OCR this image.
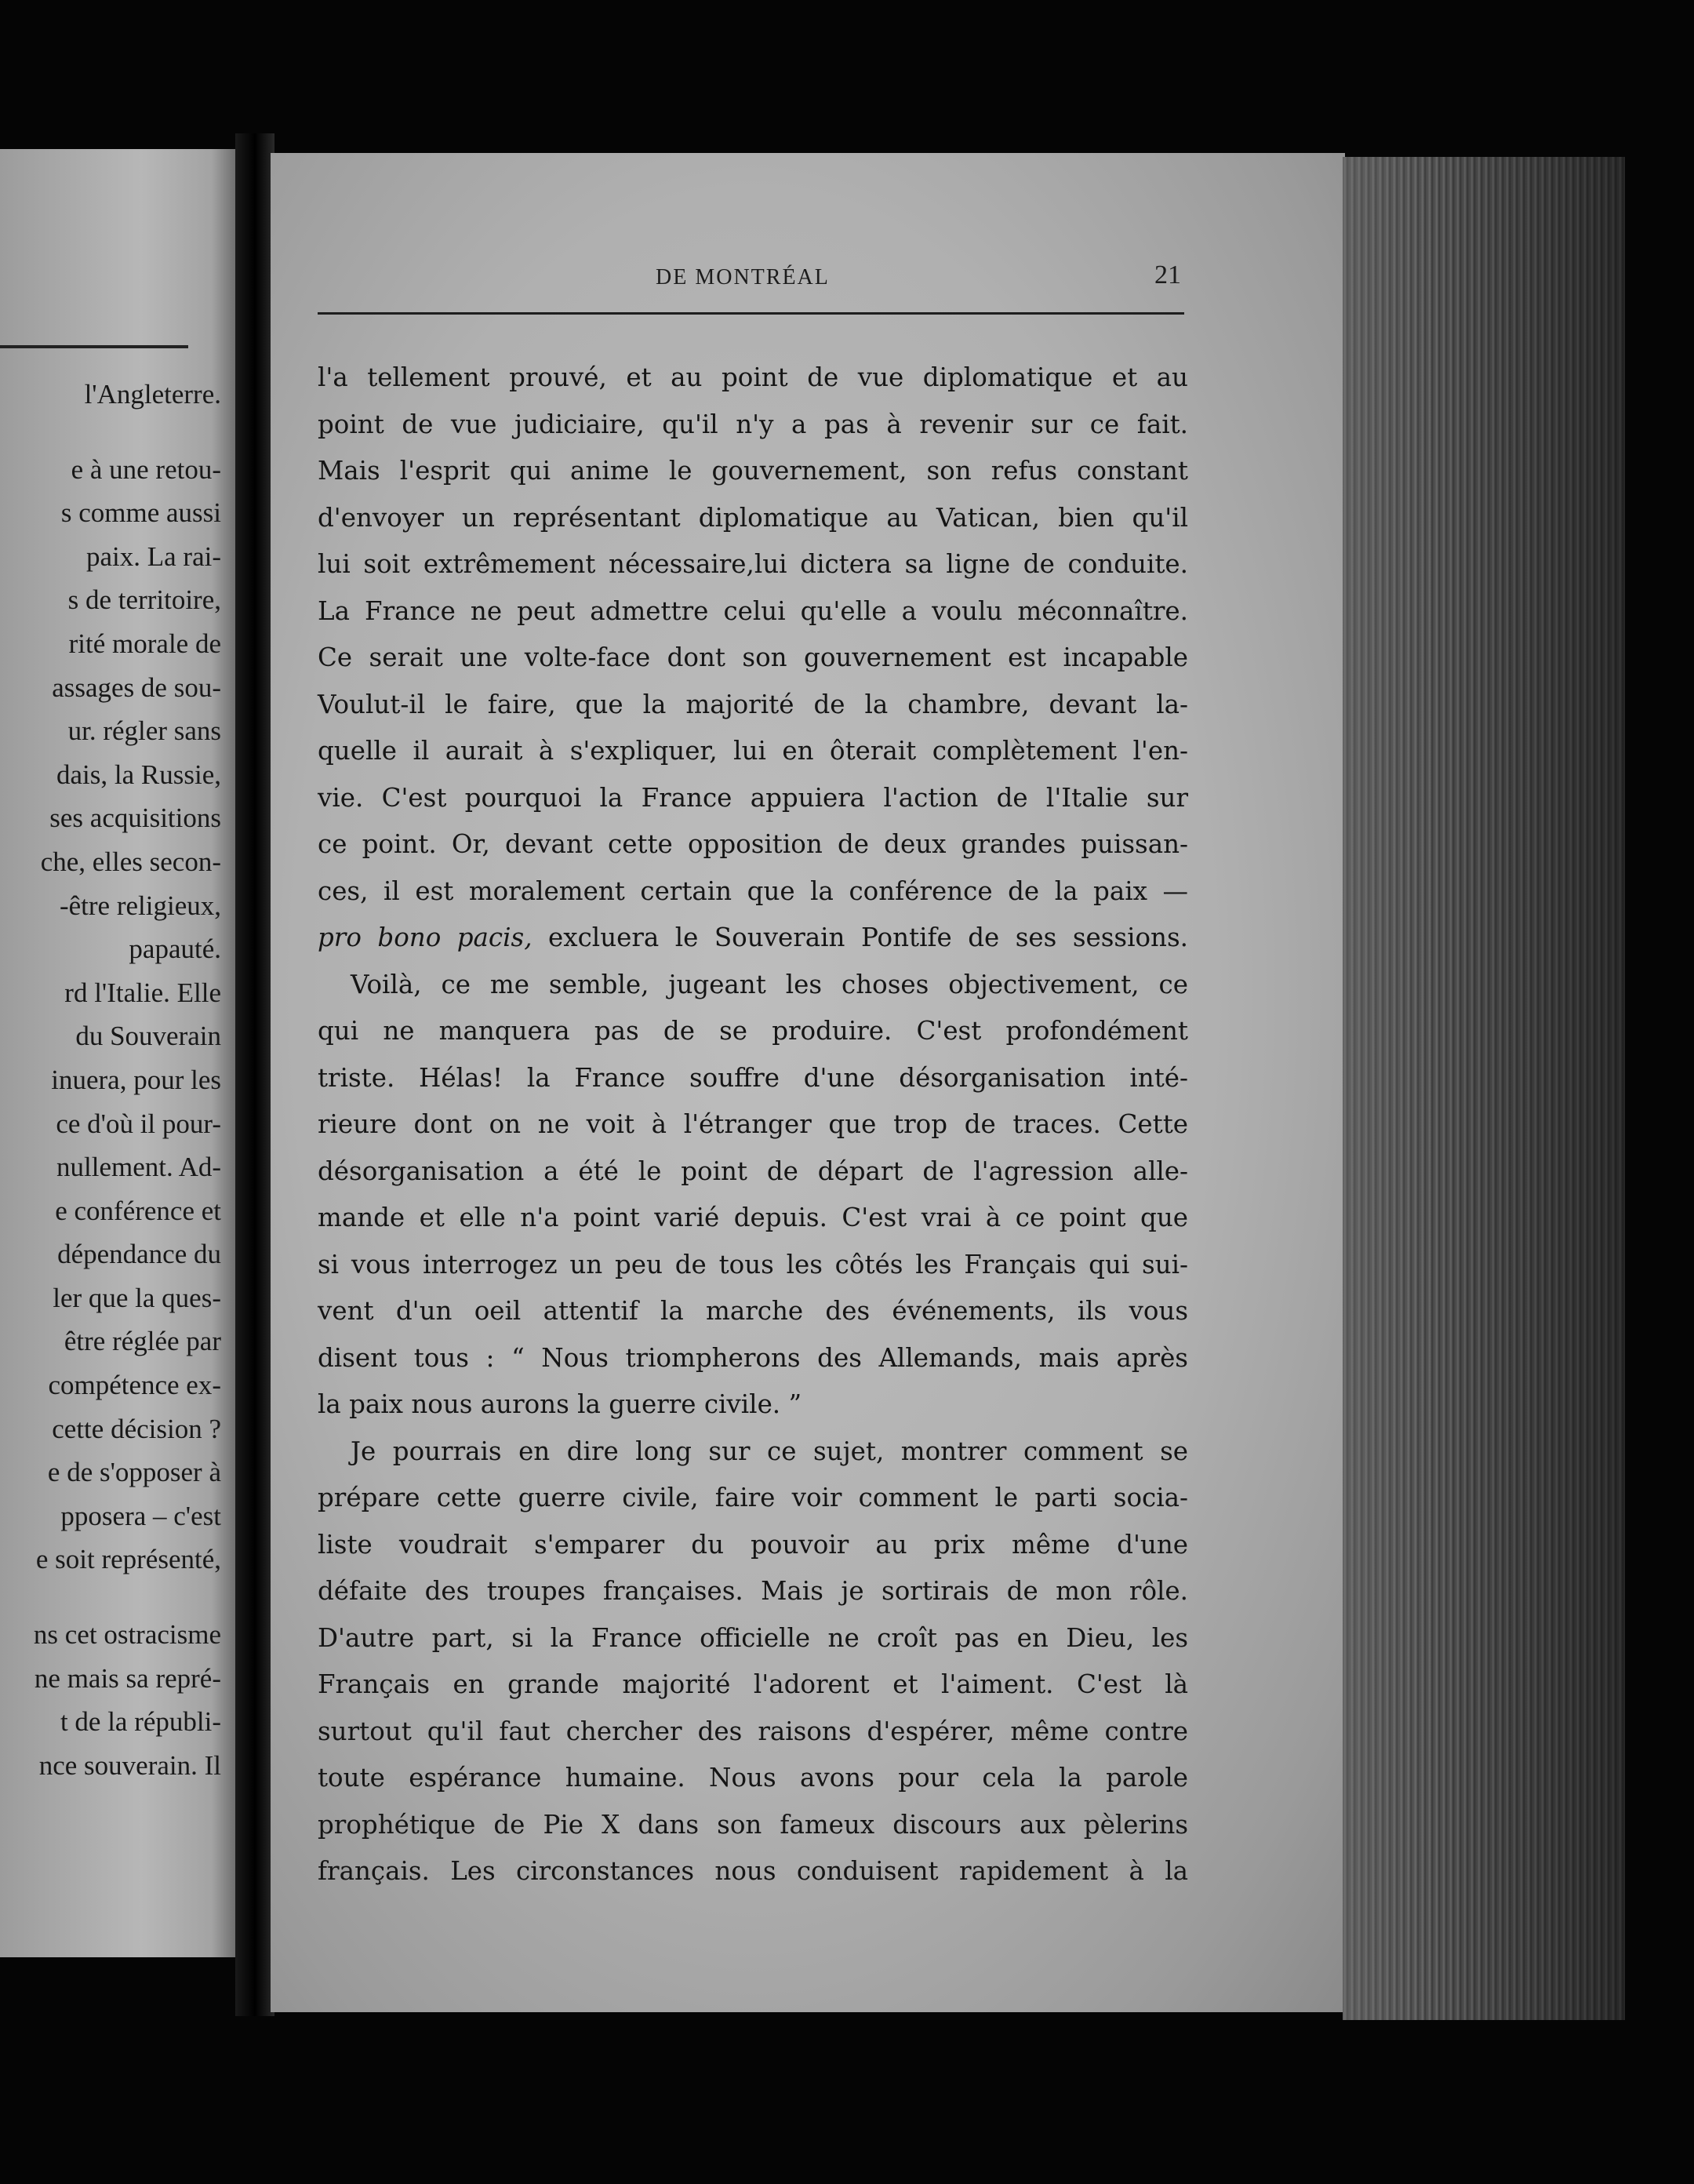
l'Angleterre.

e à une retou-
s comme aussi
paix. La rai-
s de territoire,
rité morale de
assages de sou-
ur. régler sans
dais, la Russie,
ses acquisitions
che, elles secon-
-être religieux,
papauté.
rd l'Italie. Elle
du Souverain
inuera, pour les
ce d'où il pour-
nullement. Ad-
e conférence et
dépendance du
ler que la ques-
être réglée par
compétence ex-
cette décision ?
e de s'opposer à
pposera – c'est
e soit représenté,

ns cet ostracisme
ne mais sa repré-
t de la républi-
nce souverain. Il
DE MONTRÉAL	21
l'a tellement prouvé, et au point de vue diplomatique et au
point de vue judiciaire, qu'il n'y a pas à revenir sur ce fait.
Mais l'esprit qui anime le gouvernement, son refus constant
d'envoyer un représentant diplomatique au Vatican, bien qu'il
lui soit extrêmement nécessaire,lui dictera sa ligne de conduite.
La France ne peut admettre celui qu'elle a voulu méconnaître.
Ce serait une volte-face dont son gouvernement est incapable
Voulut-il le faire, que la majorité de la chambre, devant la-
quelle il aurait à s'expliquer, lui en ôterait complètement l'en-
vie. C'est pourquoi la France appuiera l'action de l'Italie sur
ce point. Or, devant cette opposition de deux grandes puissan-
ces, il est moralement certain que la conférence de la paix —
pro bono pacis, excluera le Souverain Pontife de ses sessions.
Voilà, ce me semble, jugeant les choses objectivement, ce
qui ne manquera pas de se produire. C'est profondément
triste. Hélas! la France souffre d'une désorganisation inté-
rieure dont on ne voit à l'étranger que trop de traces. Cette
désorganisation a été le point de départ de l'agression alle-
mande et elle n'a point varié depuis. C'est vrai à ce point que
si vous interrogez un peu de tous les côtés les Français qui sui-
vent d'un oeil attentif la marche des événements, ils vous
disent tous : “ Nous triompherons des Allemands, mais après
la paix nous aurons la guerre civile. ”
Je pourrais en dire long sur ce sujet, montrer comment se
prépare cette guerre civile, faire voir comment le parti socia-
liste voudrait s'emparer du pouvoir au prix même d'une
défaite des troupes françaises. Mais je sortirais de mon rôle.
D'autre part, si la France officielle ne croît pas en Dieu, les
Français en grande majorité l'adorent et l'aiment. C'est là
surtout qu'il faut chercher des raisons d'espérer, même contre
toute espérance humaine. Nous avons pour cela la parole
prophétique de Pie X dans son fameux discours aux pèlerins
français. Les circonstances nous conduisent rapidement à la
